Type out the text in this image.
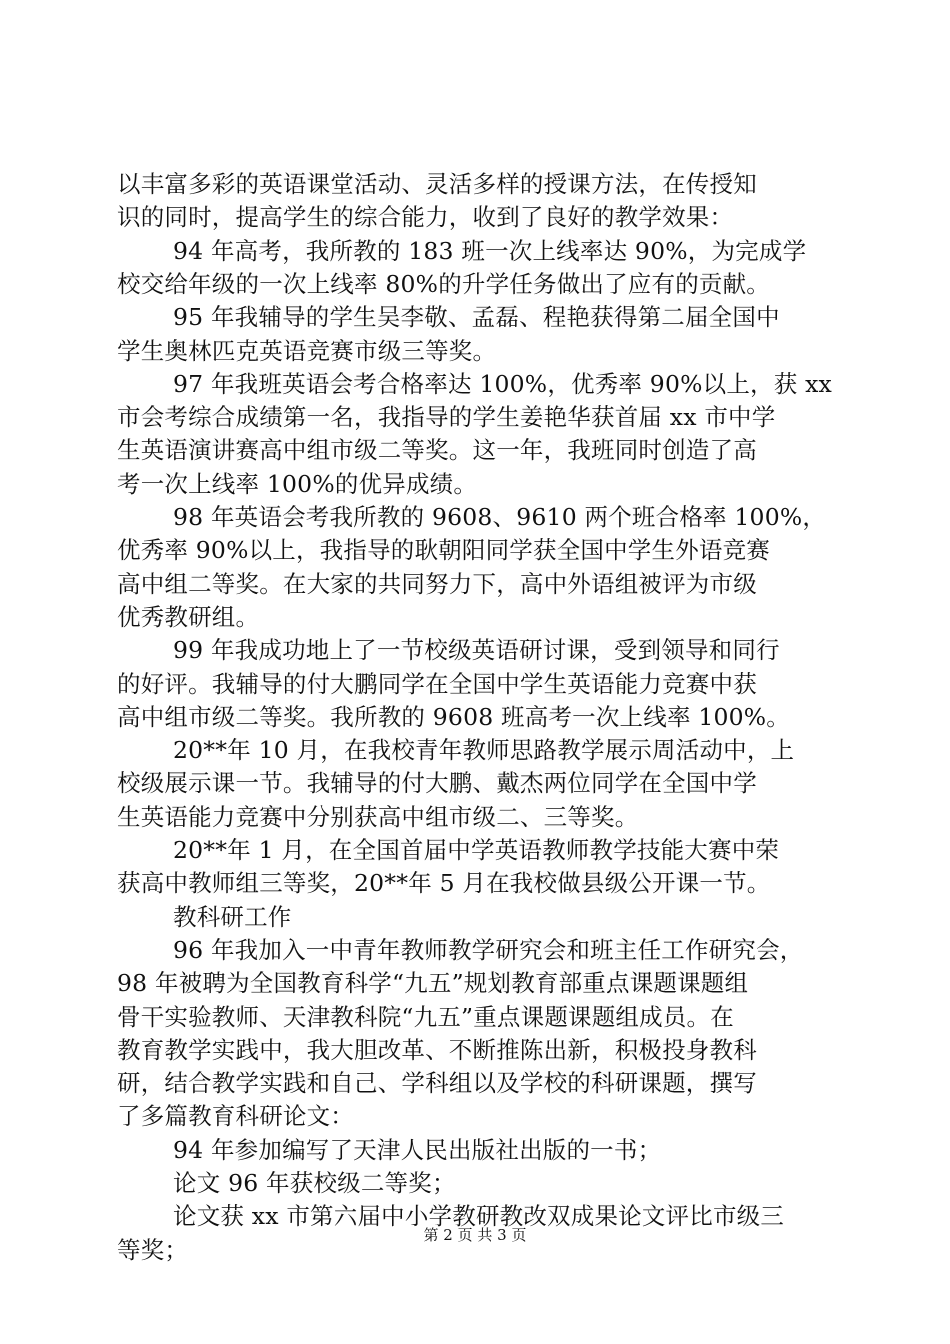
以丰富多彩的英语课堂活动、灵活多样的授课方法，在传授知
识的同时，提高学生的综合能力，收到了良好的教学效果：
94 年高考，我所教的 183 班一次上线率达 90%，为完成学
校交给年级的一次上线率 80%的升学任务做出了应有的贡献。
95 年我辅导的学生吴李敬、孟磊、程艳获得第二届全国中
学生奥林匹克英语竞赛市级三等奖。
97 年我班英语会考合格率达 100%，优秀率 90%以上，获 xx
市会考综合成绩第一名，我指导的学生姜艳华获首届 xx 市中学
生英语演讲赛高中组市级二等奖。这一年，我班同时创造了高
考一次上线率 100%的优异成绩。
98 年英语会考我所教的 9608、9610 两个班合格率 100%，
优秀率 90%以上，我指导的耿朝阳同学获全国中学生外语竞赛
高中组二等奖。在大家的共同努力下，高中外语组被评为市级
优秀教研组。
99 年我成功地上了一节校级英语研讨课，受到领导和同行
的好评。我辅导的付大鹏同学在全国中学生英语能力竞赛中获
高中组市级二等奖。我所教的 9608 班高考一次上线率 100%。
20**年 10 月，在我校青年教师思路教学展示周活动中，上
校级展示课一节。我辅导的付大鹏、戴杰两位同学在全国中学
生英语能力竞赛中分别获高中组市级二、三等奖。
20**年 1 月，在全国首届中学英语教师教学技能大赛中荣
获高中教师组三等奖，20**年 5 月在我校做县级公开课一节。
教科研工作
96 年我加入一中青年教师教学研究会和班主任工作研究会，
98 年被聘为全国教育科学“九五”规划教育部重点课题课题组
骨干实验教师、天津教科院“九五”重点课题课题组成员。在
教育教学实践中，我大胆改革、不断推陈出新，积极投身教科
研，结合教学实践和自己、学科组以及学校的科研课题，撰写
了多篇教育科研论文：
94 年参加编写了天津人民出版社出版的一书；
论文 96 年获校级二等奖；
论文获 xx 市第六届中小学教研教改双成果论文评比市级三
等奖；
第 2 页 共 3 页
